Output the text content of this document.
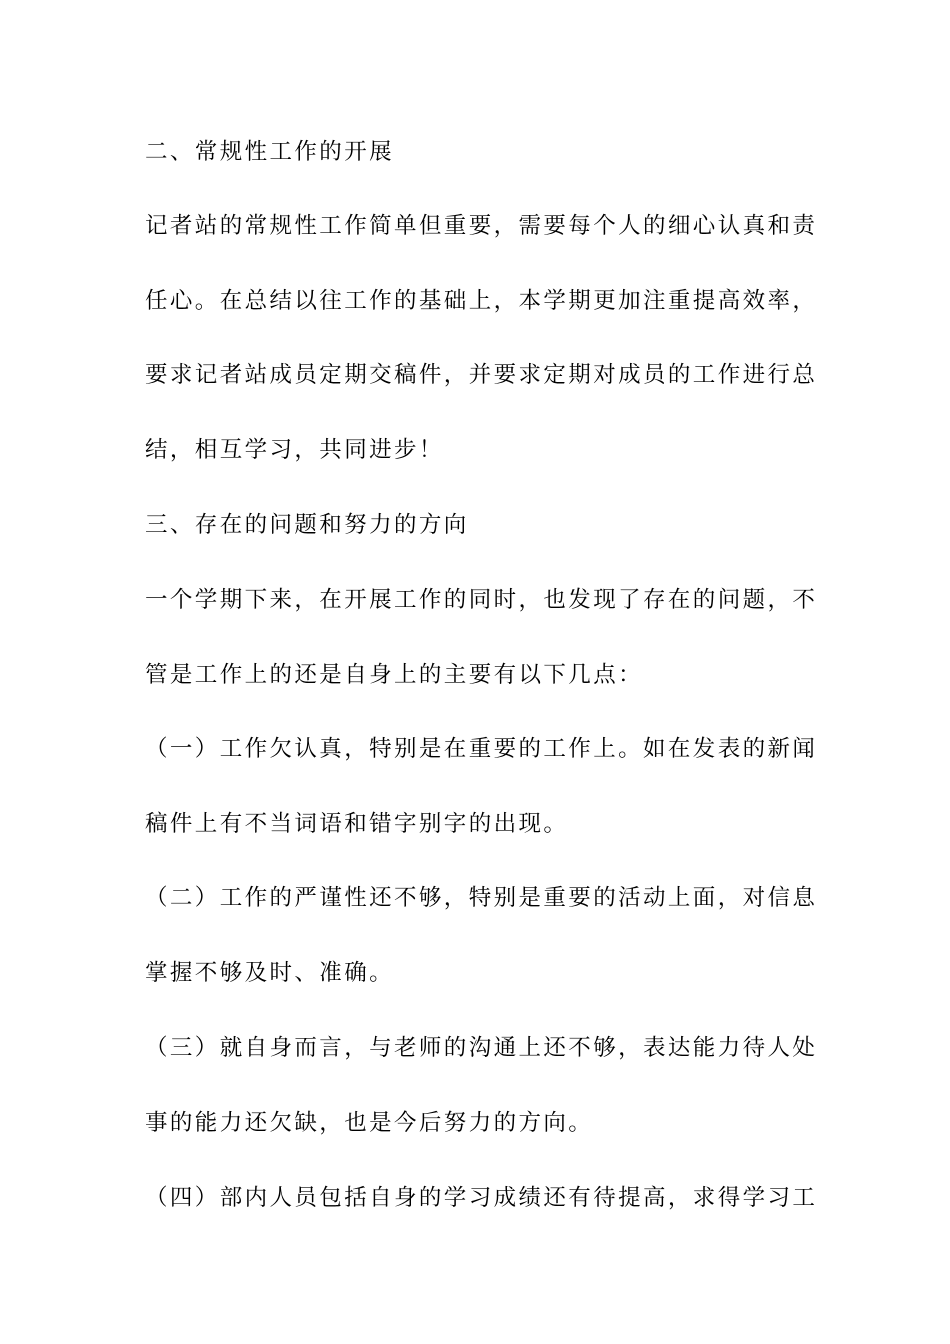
二、常规性工作的开展
记者站的常规性工作简单但重要，需要每个人的细心认真和责
任心。在总结以往工作的基础上，本学期更加注重提高效率，
要求记者站成员定期交稿件，并要求定期对成员的工作进行总
结，相互学习，共同进步！
三、存在的问题和努力的方向
一个学期下来，在开展工作的同时，也发现了存在的问题，不
管是工作上的还是自身上的主要有以下几点：
（一）工作欠认真，特别是在重要的工作上。如在发表的新闻
稿件上有不当词语和错字别字的出现。
（二）工作的严谨性还不够，特别是重要的活动上面，对信息
掌握不够及时、准确。
（三）就自身而言，与老师的沟通上还不够，表达能力待人处
事的能力还欠缺，也是今后努力的方向。
（四）部内人员包括自身的学习成绩还有待提高，求得学习工
